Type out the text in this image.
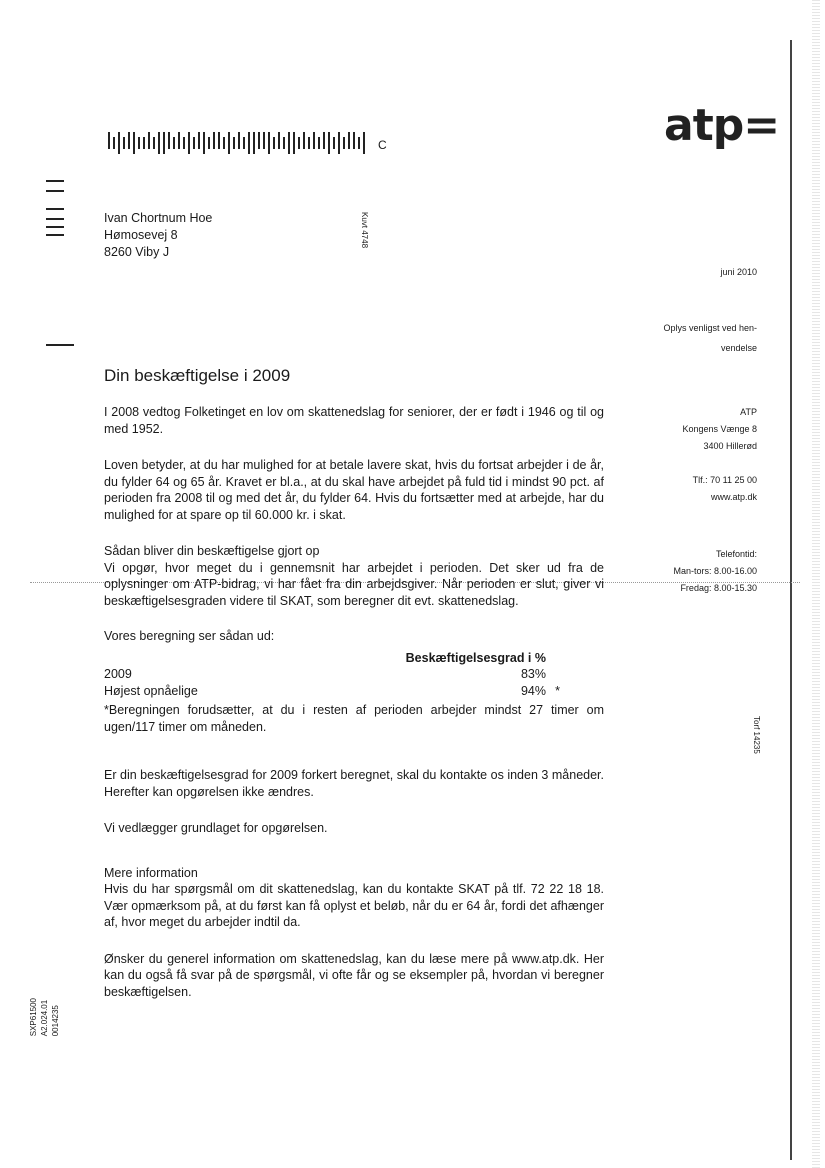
atp=
C
Ivan Chortnum Hoe
Hømosevej 8
8260 Viby J
Kuvt 4748
juni 2010
Oplys venligst ved hen-
vendelse
ATP
Kongens Vænge 8
3400 Hillerød
Tlf.: 70 11 25 00
www.atp.dk
Telefontid:
Man-tors: 8.00-16.00
Fredag: 8.00-15.30
Din beskæftigelse i 2009

I 2008 vedtog Folketinget en lov om skattenedslag for seniorer, der er født i 1946 og til og med 1952.

Loven betyder, at du har mulighed for at betale lavere skat, hvis du fortsat arbejder i de år, du fylder 64 og 65 år. Kravet er bl.a., at du skal have arbejdet på fuld tid i mindst 90 pct. af perioden fra 2008 til og med det år, du fylder 64. Hvis du fortsætter med at arbejde, har du mulighed for at spare op til 60.000 kr. i skat.

Sådan bliver din beskæftigelse gjort op

Vi opgør, hvor meget du i gennemsnit har arbejdet i perioden. Det sker ud fra de oplysninger om ATP-bidrag, vi har fået fra din arbejdsgiver. Når perioden er slut, giver vi beskæftigelsesgraden videre til SKAT, som beregner dit evt. skattenedslag.

Vores beregning ser sådan ud:
Beskæftigelsesgrad i %
2009	83%
Højest opnåelige	94% *

*Beregningen forudsætter, at du i resten af perioden arbejder mindst 27 timer om ugen/117 timer om måneden.

Er din beskæftigelsesgrad for 2009 forkert beregnet, skal du kontakte os inden 3 måneder. Herefter kan opgørelsen ikke ændres.

Vi vedlægger grundlaget for opgørelsen.

Mere information

Hvis du har spørgsmål om dit skattenedslag, kan du kontakte SKAT på tlf. 72 22 18 18. Vær opmærksom på, at du først kan få oplyst et beløb, når du er 64 år, fordi det afhænger af, hvor meget du arbejder indtil da.

Ønsker du generel information om skattenedslag, kan du læse mere på www.atp.dk. Her kan du også få svar på de spørgsmål, vi ofte får og se eksempler på, hvordan vi beregner beskæftigelsen.

SXP61500 A2.024.01 0014235
Torf 14235
